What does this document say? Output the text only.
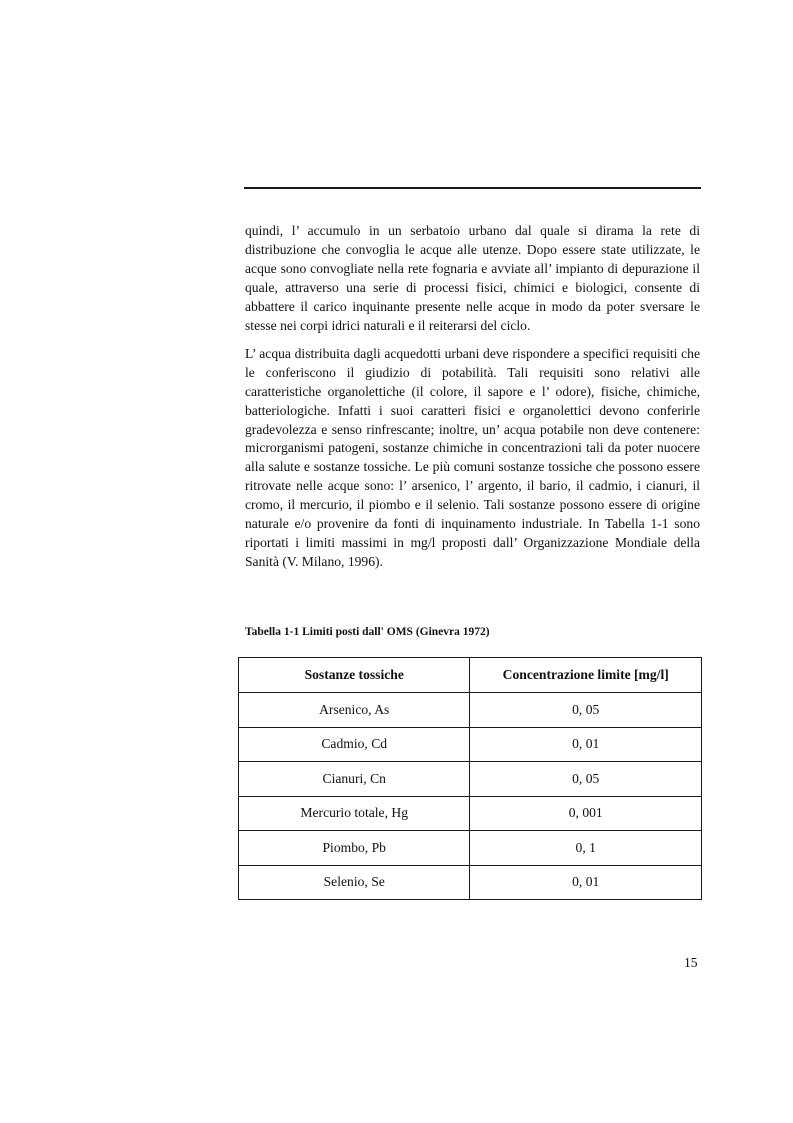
quindi, l’ accumulo in un serbatoio urbano dal quale si dirama la rete di distribuzione che convoglia le acque alle utenze. Dopo essere state utilizzate, le acque sono convogliate nella rete fognaria e avviate all’ impianto di depurazione il quale, attraverso una serie di processi fisici, chimici e biologici, consente di abbattere il carico inquinante presente nelle acque in modo da poter sversare le stesse nei corpi idrici naturali e il reiterarsi del ciclo.

L’ acqua distribuita dagli acquedotti urbani deve rispondere a specifici requisiti che le conferiscono il giudizio di potabilità. Tali requisiti sono relativi alle caratteristiche organolettiche (il colore, il sapore e l’ odore), fisiche, chimiche, batteriologiche. Infatti i suoi caratteri fisici e organolettici devono conferirle gradevolezza e senso rinfrescante; inoltre, un’ acqua potabile non deve contenere: microrganismi patogeni, sostanze chimiche in concentrazioni tali da poter nuocere alla salute e sostanze tossiche. Le più comuni sostanze tossiche che possono essere ritrovate nelle acque sono: l’ arsenico, l’ argento, il bario, il cadmio, i cianuri, il cromo, il mercurio, il piombo e il selenio. Tali sostanze possono essere di origine naturale e/o provenire da fonti di inquinamento industriale. In Tabella 1-1 sono riportati i limiti massimi in mg/l proposti dall’ Organizzazione Mondiale della Sanità (V. Milano, 1996).

Tabella 1-1 Limiti posti dall' OMS (Ginevra 1972)
Sostanze tossiche	Concentrazione limite [mg/l]
Arsenico, As	0, 05
Cadmio, Cd	0, 01
Cianuri, Cn	0, 05
Mercurio totale, Hg	0, 001
Piombo, Pb	0, 1
Selenio, Se	0, 01
15
